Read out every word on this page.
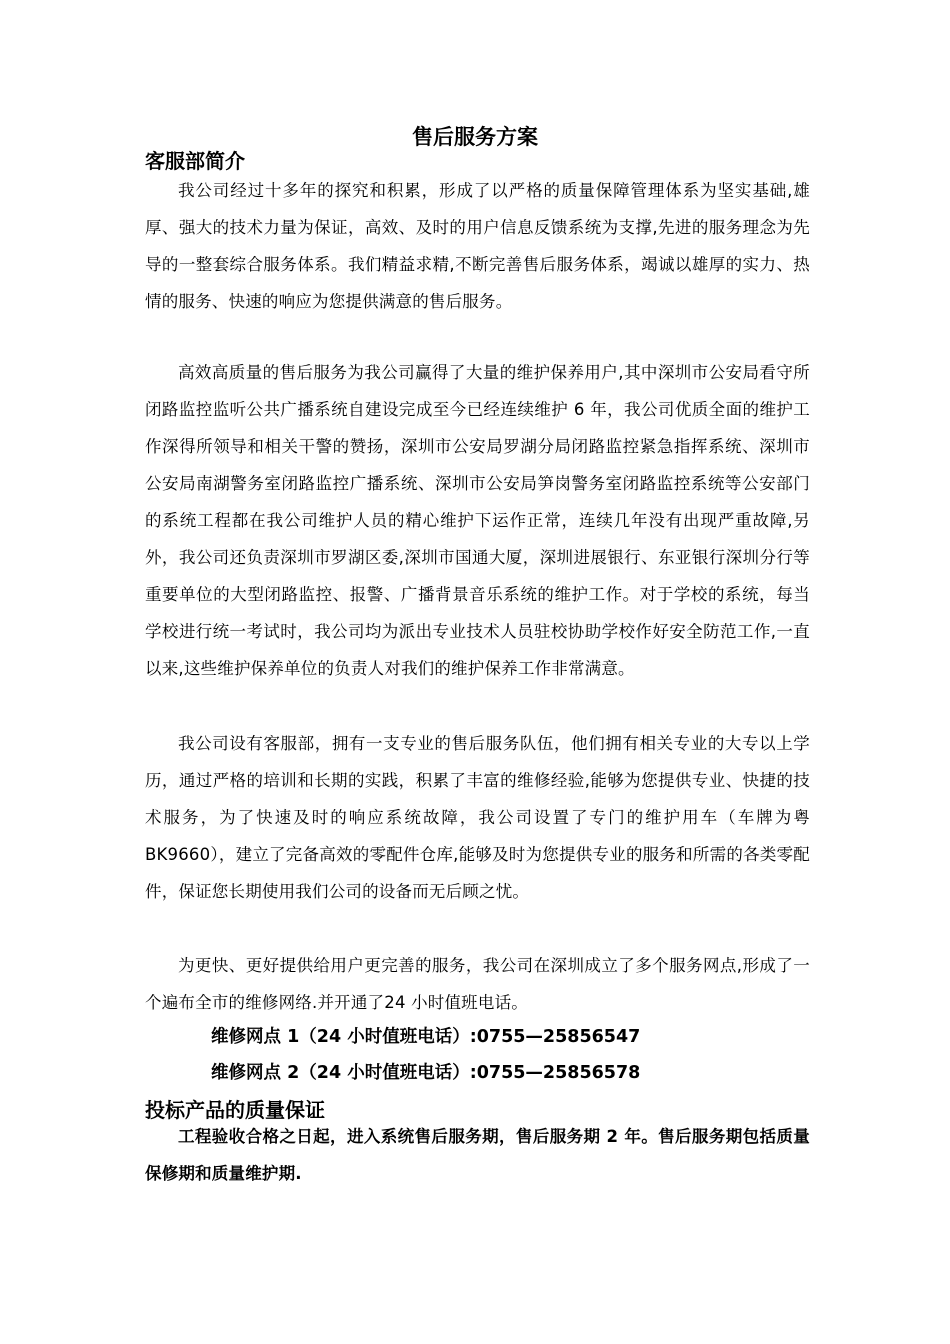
售后服务方案
客服部简介

我公司经过十多年的探究和积累，形成了以严格的质量保障管理体系为坚实基础,雄厚、强大的技术力量为保证，高效、及时的用户信息反馈系统为支撑,先进的服务理念为先导的一整套综合服务体系。我们精益求精,不断完善售后服务体系，竭诚以雄厚的实力、热情的服务、快速的响应为您提供满意的售后服务。

高效高质量的售后服务为我公司赢得了大量的维护保养用户,其中深圳市公安局看守所闭路监控监听公共广播系统自建设完成至今已经连续维护 6 年，我公司优质全面的维护工作深得所领导和相关干警的赞扬，深圳市公安局罗湖分局闭路监控紧急指挥系统、深圳市公安局南湖警务室闭路监控广播系统、深圳市公安局笋岗警务室闭路监控系统等公安部门的系统工程都在我公司维护人员的精心维护下运作正常，连续几年没有出现严重故障,另外，我公司还负责深圳市罗湖区委,深圳市国通大厦，深圳进展银行、东亚银行深圳分行等重要单位的大型闭路监控、报警、广播背景音乐系统的维护工作。对于学校的系统，每当学校进行统一考试时，我公司均为派出专业技术人员驻校协助学校作好安全防范工作,一直以来,这些维护保养单位的负责人对我们的维护保养工作非常满意。

我公司设有客服部，拥有一支专业的售后服务队伍，他们拥有相关专业的大专以上学历，通过严格的培训和长期的实践，积累了丰富的维修经验,能够为您提供专业、快捷的技术服务，为了快速及时的响应系统故障，我公司设置了专门的维护用车（车牌为粤 BK9660），建立了完备高效的零配件仓库,能够及时为您提供专业的服务和所需的各类零配件，保证您长期使用我们公司的设备而无后顾之忧。

为更快、更好提供给用户更完善的服务，我公司在深圳成立了多个服务网点,形成了一个遍布全市的维修网络.并开通了24 小时值班电话。

维修网点 1（24 小时值班电话）:0755—25856547

维修网点 2（24 小时值班电话）:0755—25856578

投标产品的质量保证

工程验收合格之日起，进入系统售后服务期，售后服务期 2 年。售后服务期包括质量保修期和质量维护期.
